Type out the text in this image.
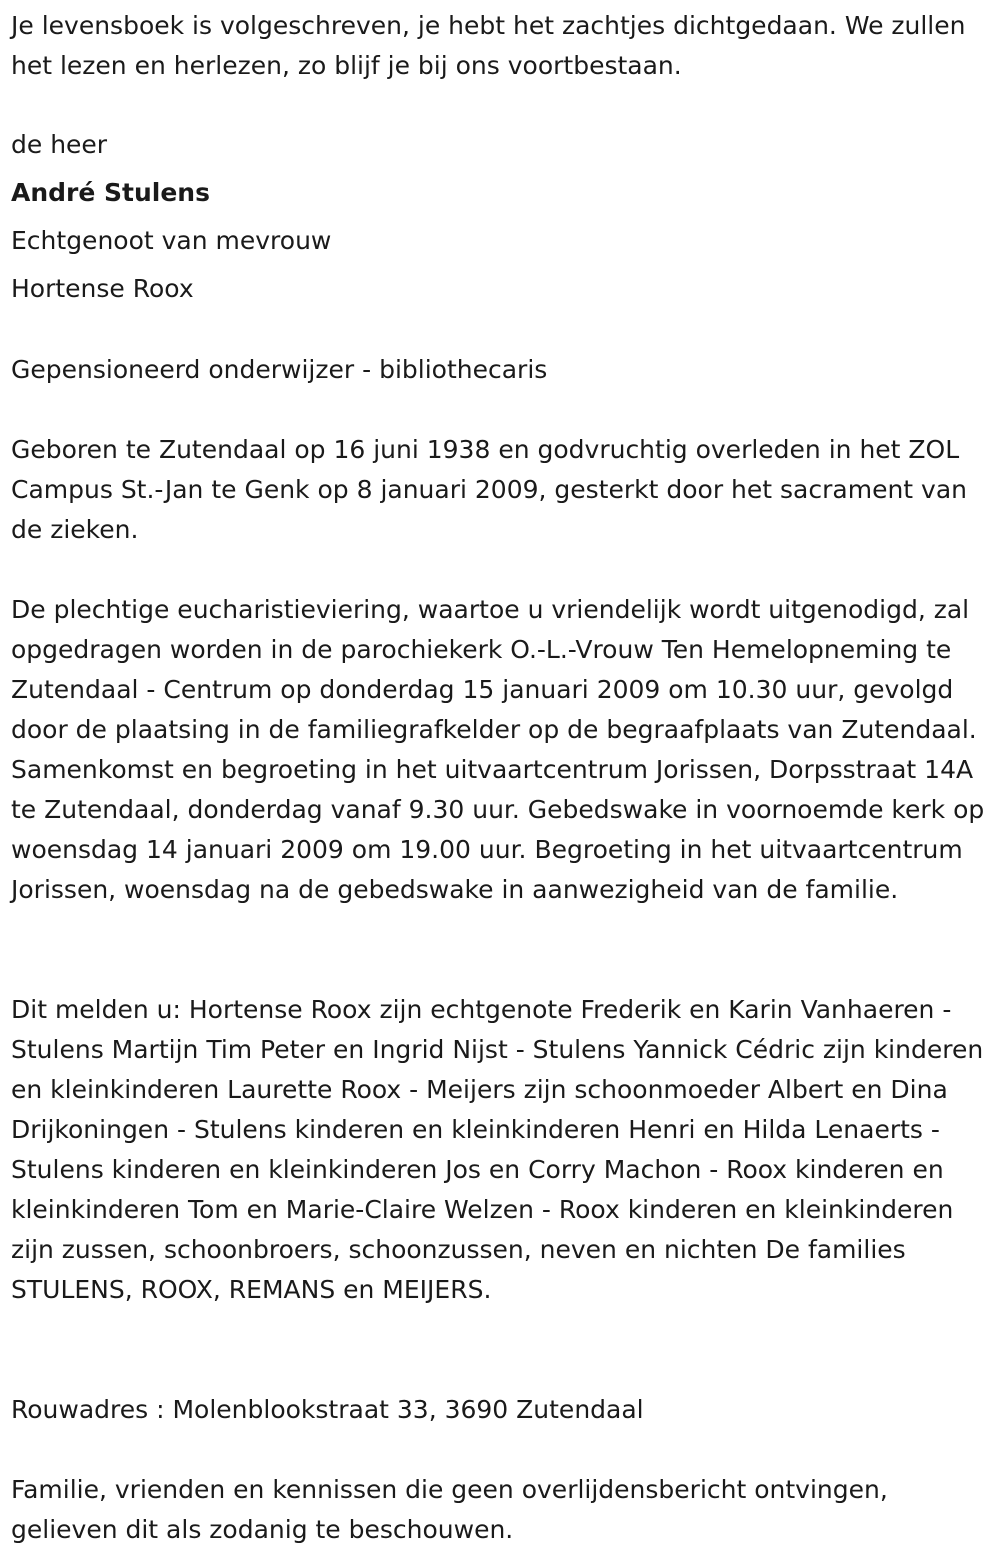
Je levensboek is volgeschreven, je hebt het zachtjes dichtgedaan. We zullen het lezen en herlezen, zo blijf je bij ons voortbestaan.

de heer

André Stulens

Echtgenoot van mevrouw

Hortense Roox

Gepensioneerd onderwijzer - bibliothecaris

Geboren te Zutendaal op 16 juni 1938 en godvruchtig overleden in het ZOL Campus St.-Jan te Genk op 8 januari 2009, gesterkt door het sacrament van de zieken.

De plechtige eucharistieviering, waartoe u vriendelijk wordt uitgenodigd, zal opgedragen worden in de parochiekerk O.-L.-Vrouw Ten Hemelopneming te Zutendaal - Centrum op donderdag 15 januari 2009 om 10.30 uur, gevolgd door de plaatsing in de familiegrafkelder op de begraafplaats van Zutendaal. Samenkomst en begroeting in het uitvaartcentrum Jorissen, Dorpsstraat 14A te Zutendaal, donderdag vanaf 9.30 uur. Gebedswake in voornoemde kerk op woensdag 14 januari 2009 om 19.00 uur. Begroeting in het uitvaartcentrum Jorissen, woensdag na de gebedswake in aanwezigheid van de familie.

Dit melden u: Hortense Roox zijn echtgenote Frederik en Karin Vanhaeren - Stulens Martijn Tim Peter en Ingrid Nijst - Stulens Yannick Cédric zijn kinderen en kleinkinderen Laurette Roox - Meijers zijn schoonmoeder Albert en Dina Drijkoningen - Stulens kinderen en kleinkinderen Henri en Hilda Lenaerts - Stulens kinderen en kleinkinderen Jos en Corry Machon - Roox kinderen en kleinkinderen Tom en Marie-Claire Welzen - Roox kinderen en kleinkinderen zijn zussen, schoonbroers, schoonzussen, neven en nichten De families STULENS, ROOX, REMANS en MEIJERS.

Rouwadres : Molenblookstraat 33, 3690 Zutendaal

Familie, vrienden en kennissen die geen overlijdensbericht ontvingen, gelieven dit als zodanig te beschouwen.
